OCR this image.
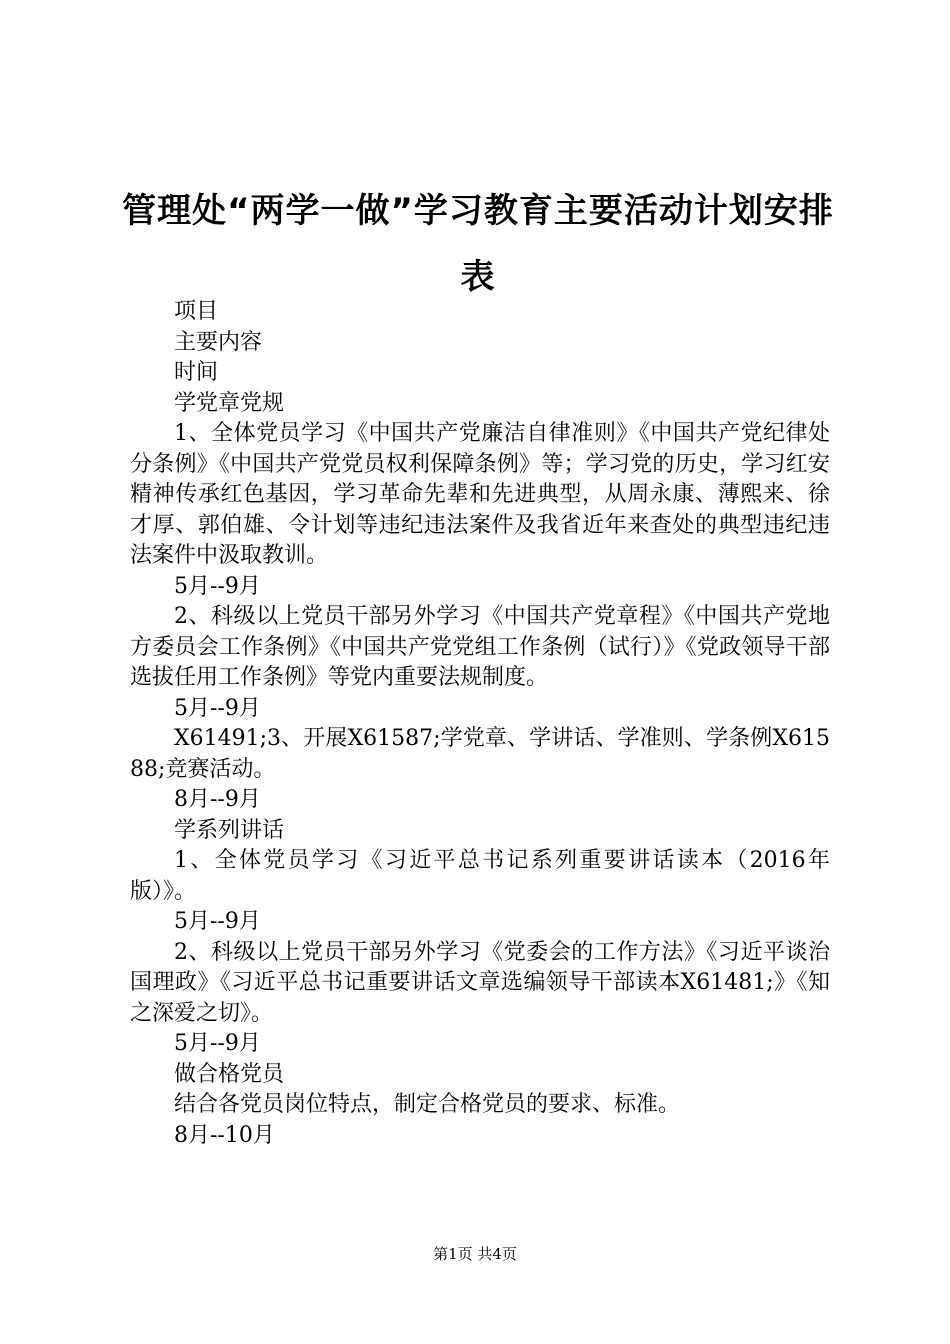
管理处“两学一做”学习教育主要活动计划安排表

项目

主要内容

时间

学党章党规

1、全体党员学习《中国共产党廉洁自律准则》《中国共产党纪律处分条例》《中国共产党党员权利保障条例》等；学习党的历史，学习红安精神传承红色基因，学习革命先辈和先进典型，从周永康、薄熙来、徐才厚、郭伯雄、令计划等违纪违法案件及我省近年来查处的典型违纪违法案件中汲取教训。

5月--9月

2、科级以上党员干部另外学习《中国共产党章程》《中国共产党地方委员会工作条例》《中国共产党党组工作条例（试行）》《党政领导干部选拔任用工作条例》等党内重要法规制度。

5月--9月

X61491;3、开展X61587;学党章、学讲话、学准则、学条例X61588;竞赛活动。

8月--9月

学系列讲话

1、全体党员学习《习近平总书记系列重要讲话读本（2016年版）》。

5月--9月

2、科级以上党员干部另外学习《党委会的工作方法》《习近平谈治国理政》《习近平总书记重要讲话文章选编领导干部读本X61481;》《知之深爱之切》。

5月--9月

做合格党员

结合各党员岗位特点，制定合格党员的要求、标准。

8月--10月

第1页 共4页
